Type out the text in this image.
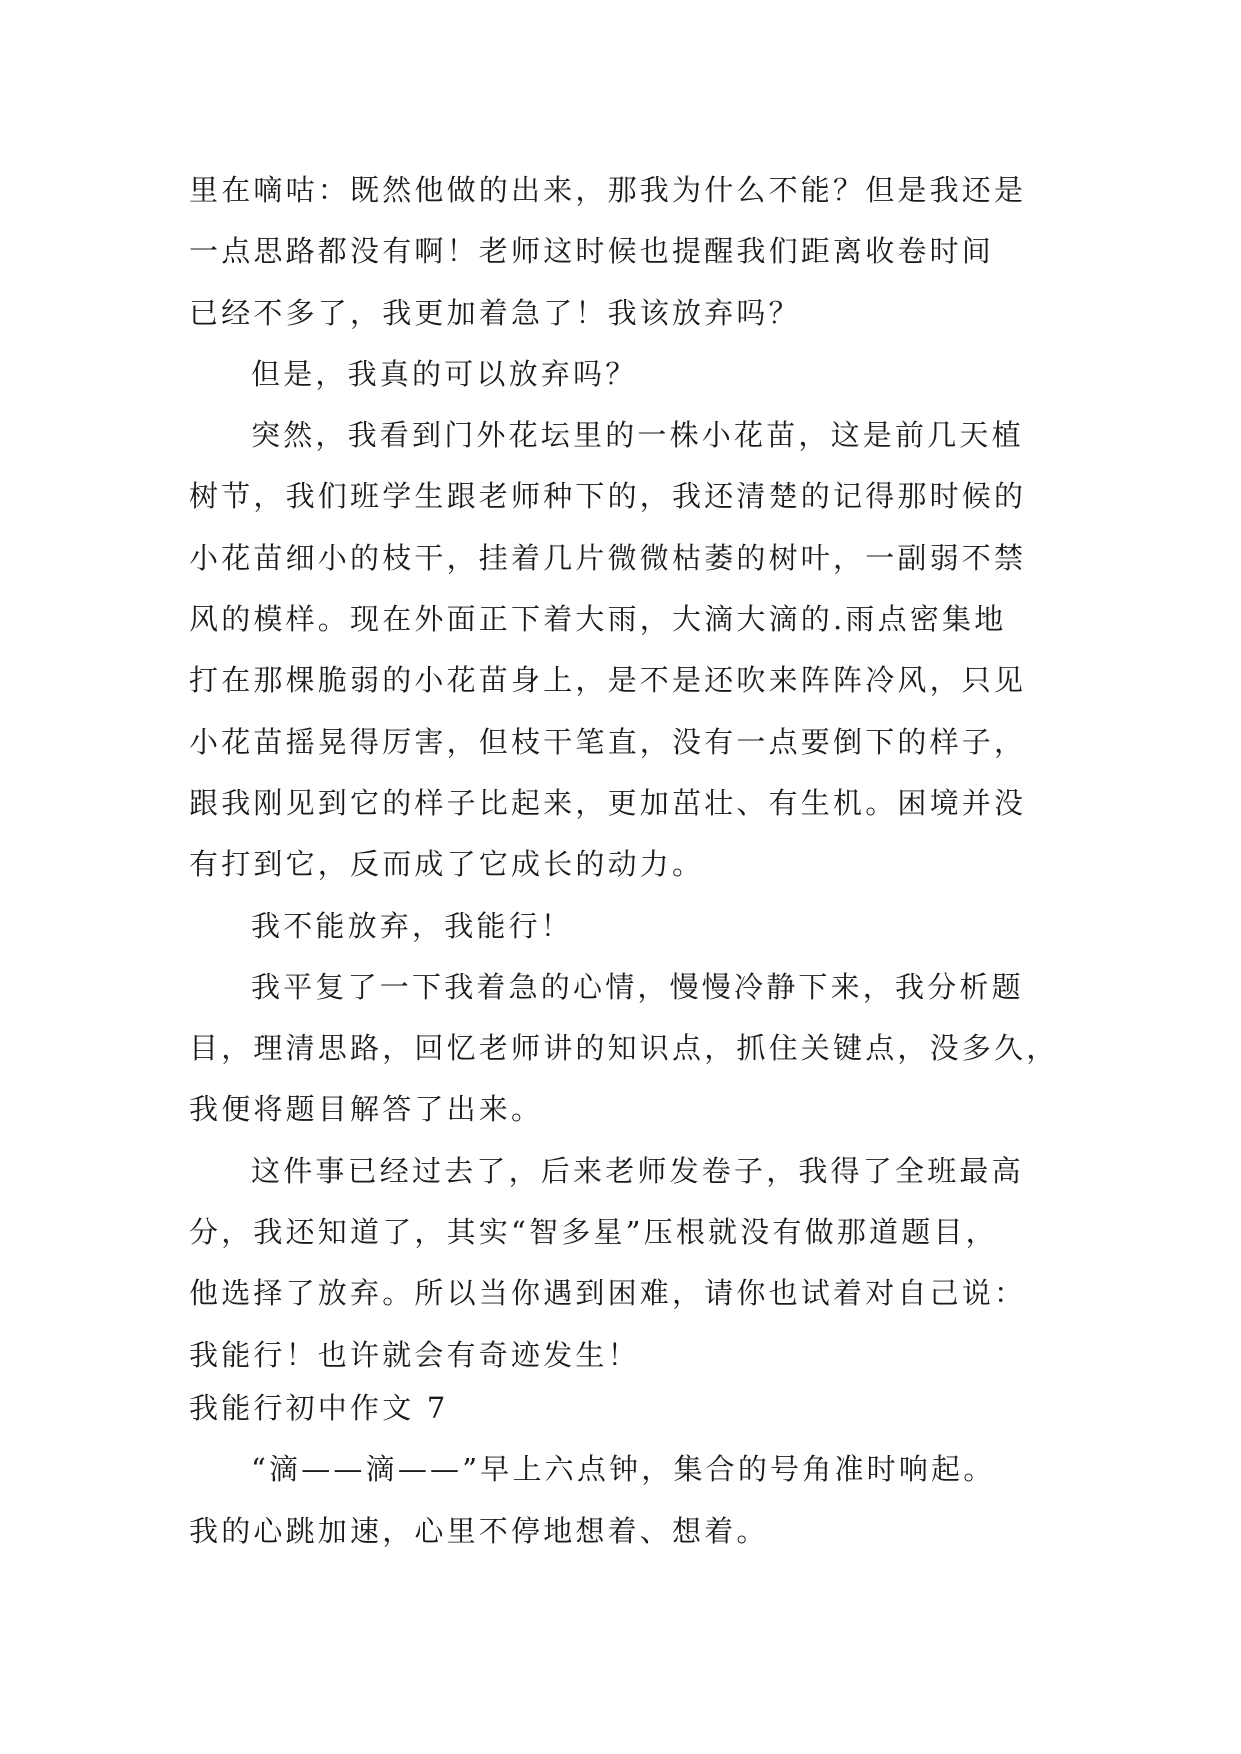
里在嘀咕：既然他做的出来，那我为什么不能？但是我还是
一点思路都没有啊！老师这时候也提醒我们距离收卷时间
已经不多了，我更加着急了！我该放弃吗？
但是，我真的可以放弃吗？
突然，我看到门外花坛里的一株小花苗，这是前几天植
树节，我们班学生跟老师种下的，我还清楚的记得那时候的
小花苗细小的枝干，挂着几片微微枯萎的树叶，一副弱不禁
风的模样。现在外面正下着大雨，大滴大滴的.雨点密集地
打在那棵脆弱的小花苗身上，是不是还吹来阵阵冷风，只见
小花苗摇晃得厉害，但枝干笔直，没有一点要倒下的样子，
跟我刚见到它的样子比起来，更加茁壮、有生机。困境并没
有打到它，反而成了它成长的动力。
我不能放弃，我能行！
我平复了一下我着急的心情，慢慢冷静下来，我分析题
目，理清思路，回忆老师讲的知识点，抓住关键点，没多久，
我便将题目解答了出来。
这件事已经过去了，后来老师发卷子，我得了全班最高
分，我还知道了，其实“智多星”压根就没有做那道题目，
他选择了放弃。所以当你遇到困难，请你也试着对自己说：
我能行！也许就会有奇迹发生！
我能行初中作文 7
“滴——滴——”早上六点钟，集合的号角准时响起。
我的心跳加速，心里不停地想着、想着。
